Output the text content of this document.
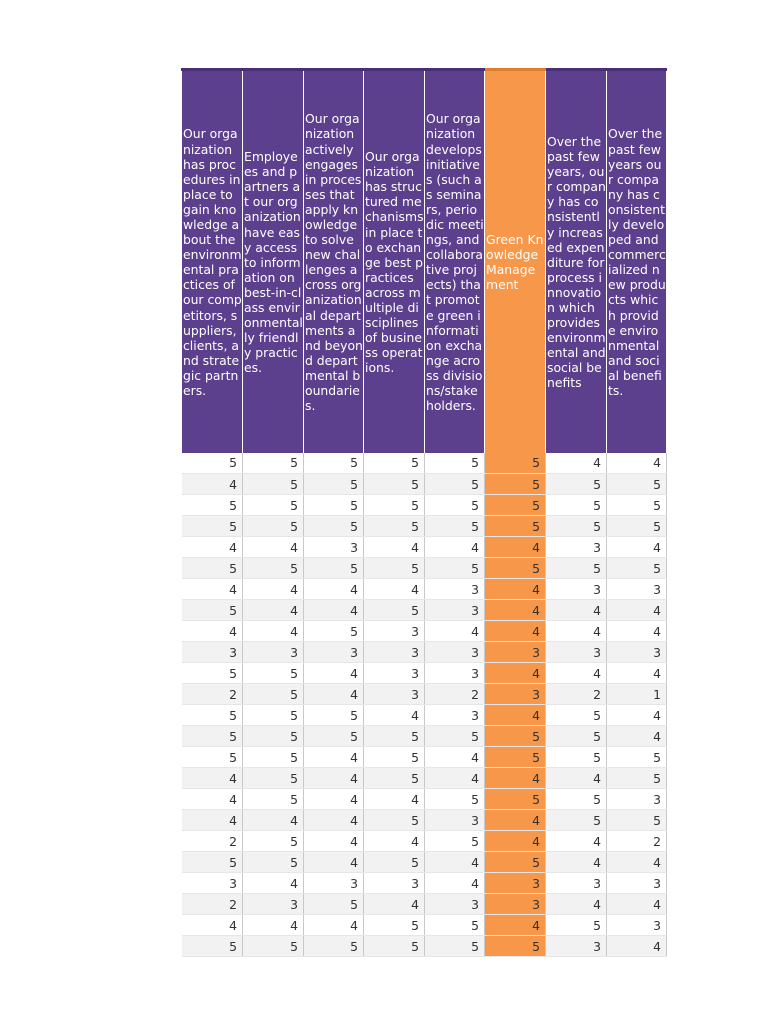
Our organization has procedures in place to gain knowledge about the environmental practices of our competitors, suppliers, clients, and strategic partners.	Employees and partners at our organization have easy access to information on best-in-class environmentally friendly practices.	Our organization actively engages in processes that apply knowledge to solve new challenges across organizational departments and beyond departmental boundaries.	Our organization has structured mechanisms in place to exchange best practices across multiple disciplines of business operations.	Our organization develops initiatives (such as seminars, periodic meetings, and collaborative projects) that promote green information exchange across divisions/stakeholders.	Green Knowledge Management	Over the past few years, our company has consistently increased expenditure for process innovation which provides environmental and social benefits	Over the past few years our company has consistently developed and commercialized new products which provide environmental and social benefits.
5	5	5	5	5	5	4	4
4	5	5	5	5	5	5	5
5	5	5	5	5	5	5	5
5	5	5	5	5	5	5	5
4	4	3	4	4	4	3	4
5	5	5	5	5	5	5	5
4	4	4	4	3	4	3	3
5	4	4	5	3	4	4	4
4	4	5	3	4	4	4	4
3	3	3	3	3	3	3	3
5	5	4	3	3	4	4	4
2	5	4	3	2	3	2	1
5	5	5	4	3	4	5	4
5	5	5	5	5	5	5	4
5	5	4	5	4	5	5	5
4	5	4	5	4	4	4	5
4	5	4	4	5	5	5	3
4	4	4	5	3	4	5	5
2	5	4	4	5	4	4	2
5	5	4	5	4	5	4	4
3	4	3	3	4	3	3	3
2	3	5	4	3	3	4	4
4	4	4	5	5	4	5	3
5	5	5	5	5	5	3	4
